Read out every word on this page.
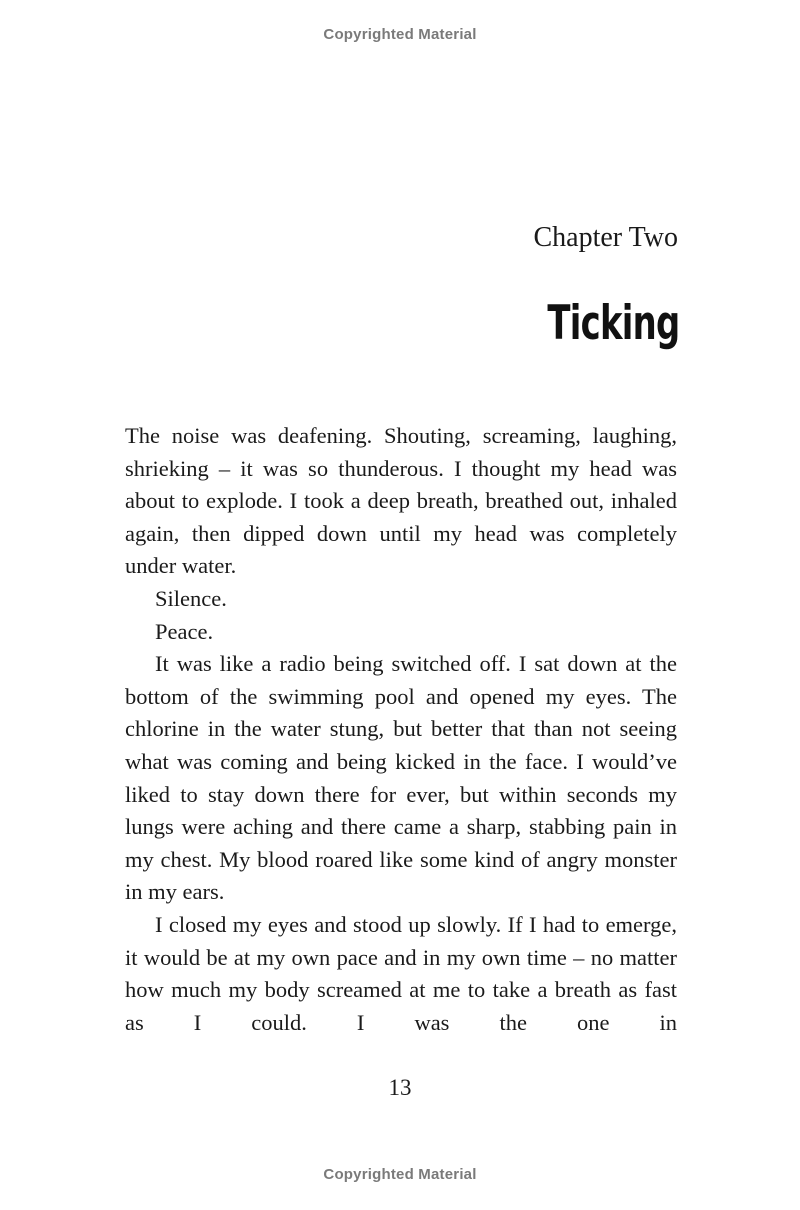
Copyrighted Material
Chapter Two
Ticking

The noise was deafening. Shouting, screaming, laughing, shrieking – it was so thunderous. I thought my head was about to explode. I took a deep breath, breathed out, inhaled again, then dipped down until my head was completely under water.

Silence.

Peace.

It was like a radio being switched off. I sat down at the bottom of the swimming pool and opened my eyes. The chlorine in the water stung, but better that than not seeing what was coming and being kicked in the face. I would’ve liked to stay down there for ever, but within seconds my lungs were aching and there came a sharp, stabbing pain in my chest. My blood roared like some kind of angry monster in my ears.

I closed my eyes and stood up slowly. If I had to emerge, it would be at my own pace and in my own time – no matter how much my body screamed at me to take a breath as fast as I could. I was the one in

13
Copyrighted Material
